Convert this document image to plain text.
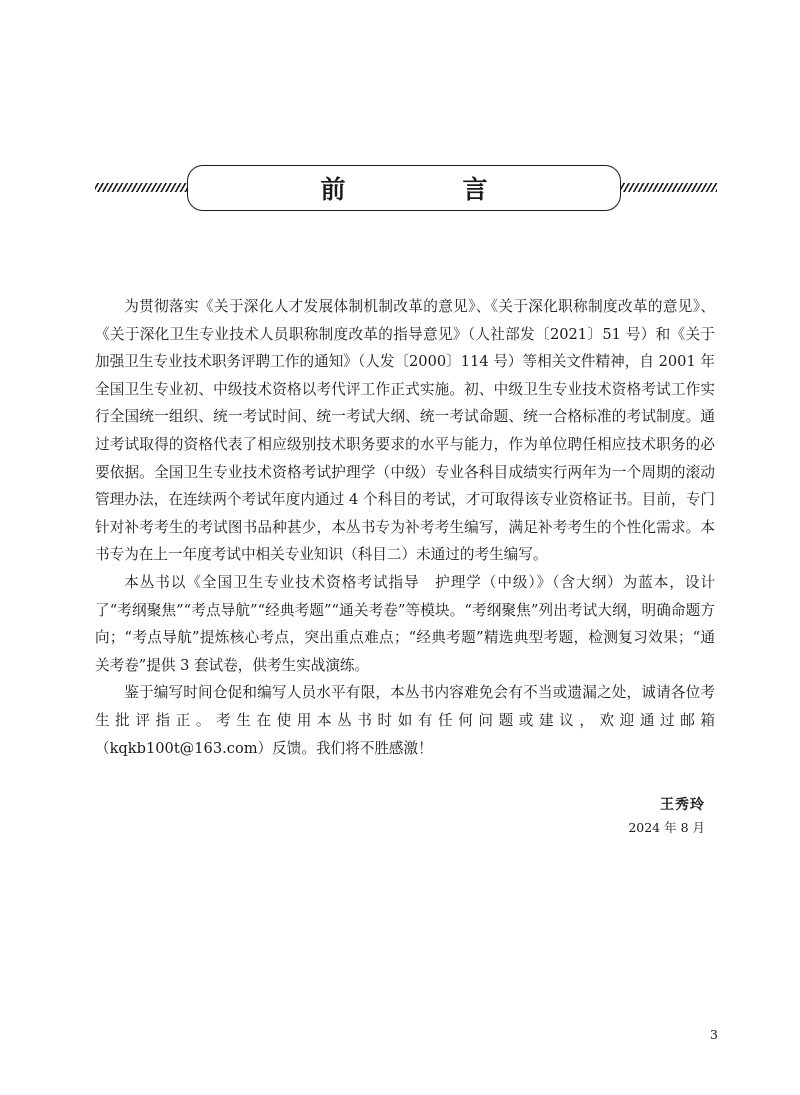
前　言

为贯彻落实《关于深化人才发展体制机制改革的意见》、《关于深化职称制度改革的意见》、《关于深化卫生专业技术人员职称制度改革的指导意见》（人社部发〔2021〕51 号）和《关于加强卫生专业技术职务评聘工作的通知》（人发〔2000〕114 号）等相关文件精神，自 2001 年全国卫生专业初、中级技术资格以考代评工作正式实施。初、中级卫生专业技术资格考试工作实行全国统一组织、统一考试时间、统一考试大纲、统一考试命题、统一合格标准的考试制度。通过考试取得的资格代表了相应级别技术职务要求的水平与能力，作为单位聘任相应技术职务的必要依据。全国卫生专业技术资格考试护理学（中级）专业各科目成绩实行两年为一个周期的滚动管理办法，在连续两个考试年度内通过 4 个科目的考试，才可取得该专业资格证书。目前，专门针对补考考生的考试图书品种甚少，本丛书专为补考考生编写，满足补考考生的个性化需求。本书专为在上一年度考试中相关专业知识（科目二）未通过的考生编写。

本丛书以《全国卫生专业技术资格考试指导　护理学（中级）》（含大纲）为蓝本，设计了“考纲聚焦”“考点导航”“经典考题”“通关考卷”等模块。“考纲聚焦”列出考试大纲，明确命题方向；“考点导航”提炼核心考点，突出重点难点；“经典考题”精选典型考题，检测复习效果；“通关考卷”提供 3 套试卷，供考生实战演练。

鉴于编写时间仓促和编写人员水平有限，本丛书内容难免会有不当或遗漏之处，诚请各位考生批评指正。考生在使用本丛书时如有任何问题或建议，欢迎通过邮箱（kqkb100t@163.com）反馈。我们将不胜感激！

王秀玲
2024 年 8 月
3
